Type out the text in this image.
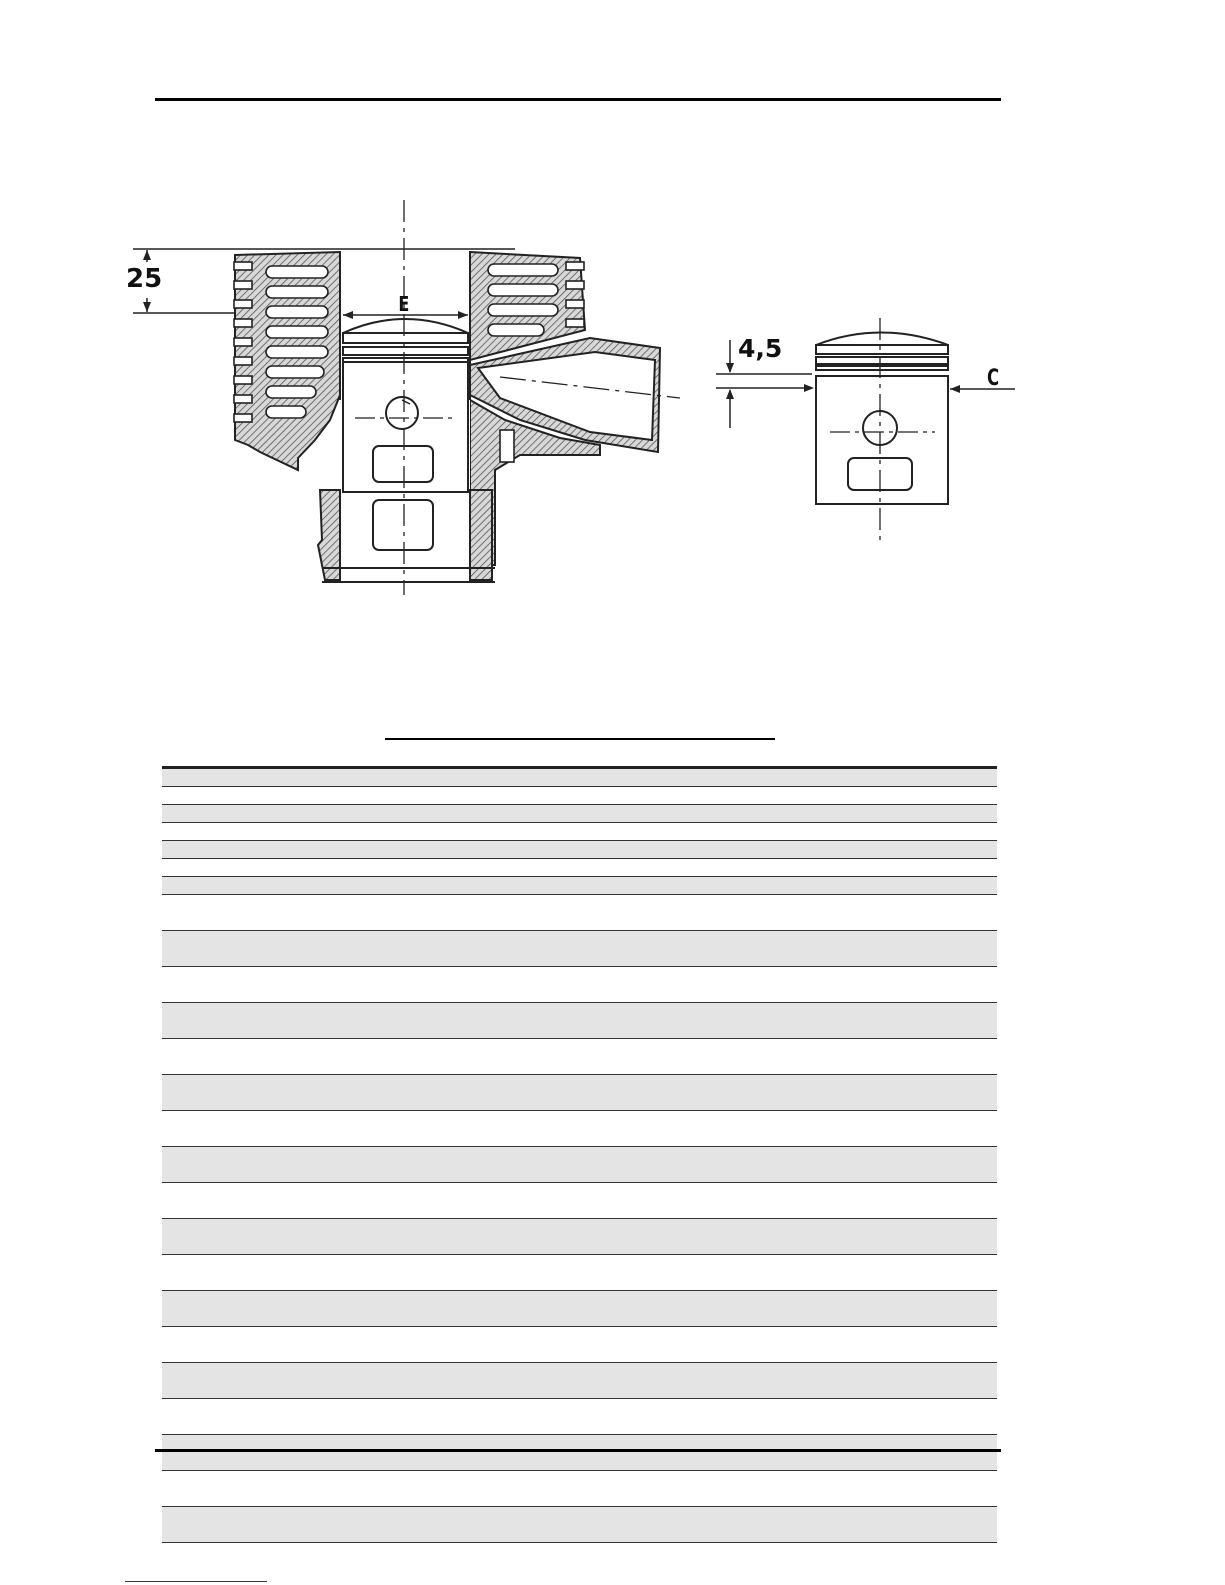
25
E
4,5
C
